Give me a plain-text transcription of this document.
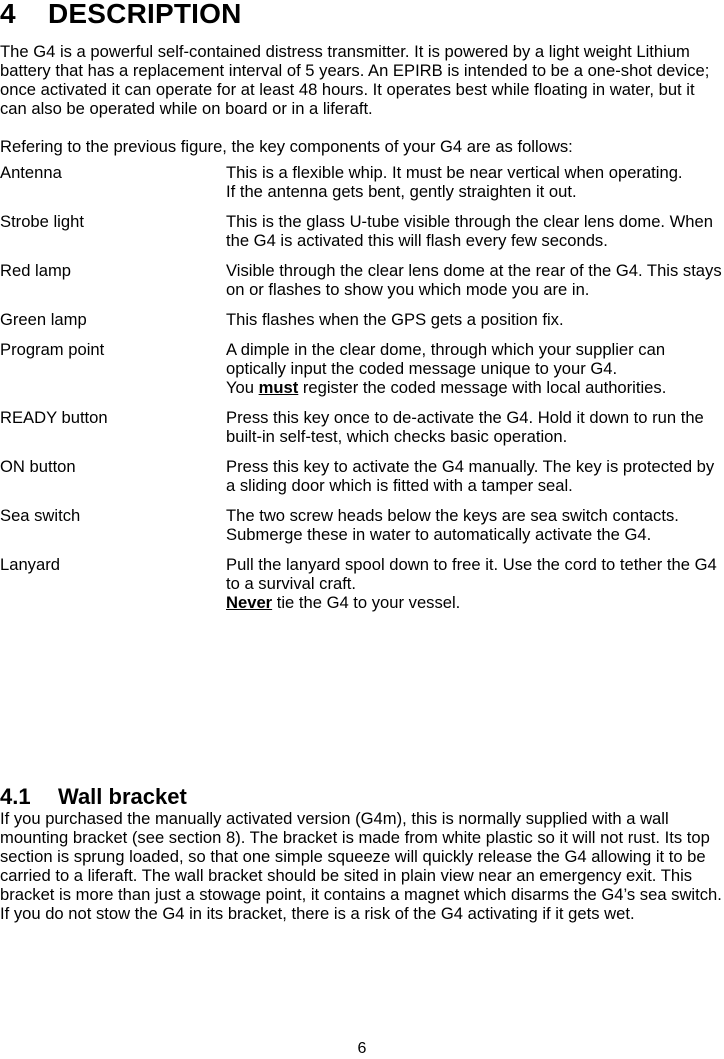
4 DESCRIPTION

The G4 is a powerful self-contained distress transmitter. It is powered by a light weight Lithium battery that has a replacement interval of 5 years. An EPIRB is intended to be a one-shot device; once activated it can operate for at least 48 hours. It operates best while floating in water, but it can also be operated while on board or in a liferaft.

Refering to the previous figure, the key components of your G4 are as follows:

Antenna	This is a flexible whip. It must be near vertical when operating.

If the antenna gets bent, gently straighten it out.

Strobe light	This is the glass U-tube visible through the clear lens dome. When the G4 is activated this will flash every few seconds.

Red lamp	Visible through the clear lens dome at the rear of the G4. This stays on or flashes to show you which mode you are in.

Green lamp	This flashes when the GPS gets a position fix.

Program point	A dimple in the clear dome, through which your supplier can optically input the coded message unique to your G4.

You must register the coded message with local authorities.

READY button	Press this key once to de-activate the G4. Hold it down to run the built-in self-test, which checks basic operation.

ON button	Press this key to activate the G4 manually. The key is protected by a sliding door which is fitted with a tamper seal.

Sea switch	The two screw heads below the keys are sea switch contacts. Submerge these in water to automatically activate the G4.

Lanyard	Pull the lanyard spool down to free it. Use the cord to tether the G4 to a survival craft.

Never tie the G4 to your vessel.

4.1 Wall bracket

If you purchased the manually activated version (G4m), this is normally supplied with a wall mounting bracket (see section 8). The bracket is made from white plastic so it will not rust. Its top section is sprung loaded, so that one simple squeeze will quickly release the G4 allowing it to be carried to a liferaft. The wall bracket should be sited in plain view near an emergency exit. This bracket is more than just a stowage point, it contains a magnet which disarms the G4’s sea switch. If you do not stow the G4 in its bracket, there is a risk of the G4 activating if it gets wet.

6
